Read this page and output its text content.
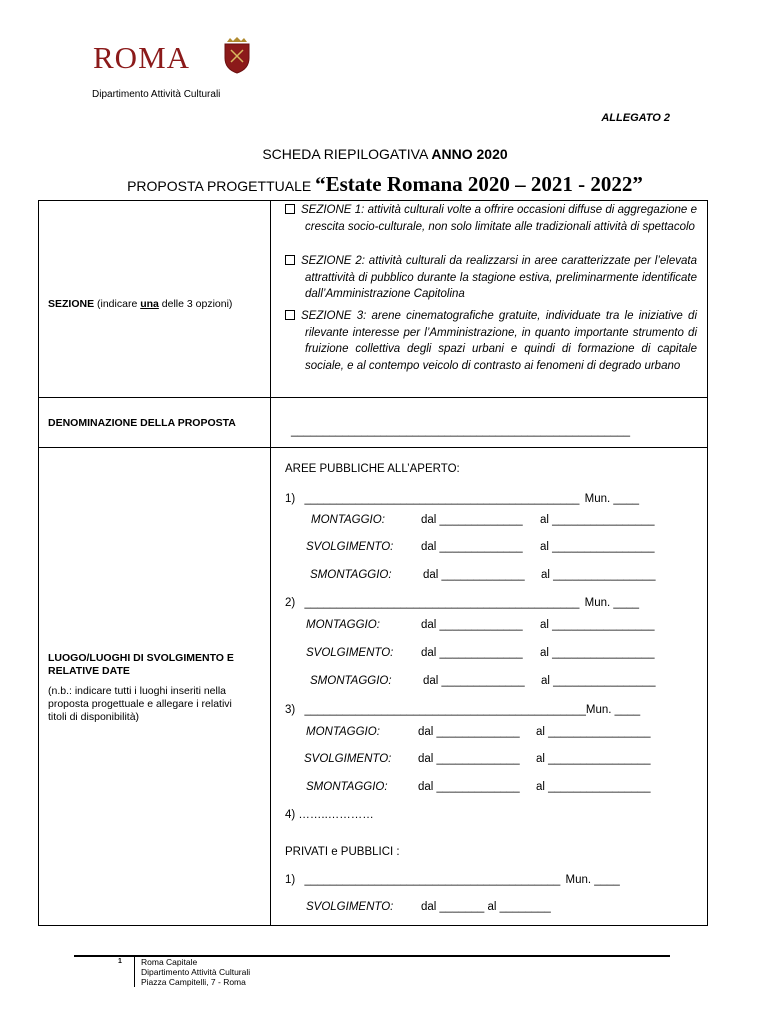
ROMA
Dipartimento Attività Culturali
ALLEGATO 2
SCHEDA RIEPILOGATIVA ANNO 2020
PROPOSTA PROGETTUALE “Estate Romana 2020 – 2021 - 2022”
SEZIONE (indicare una delle 3 opzioni)

SEZIONE 1: attività culturali volte a offrire occasioni diffuse di aggregazione e crescita socio-culturale, non solo limitate alle tradizionali attività di spettacolo

SEZIONE 2: attività culturali da realizzarsi in aree caratterizzate per l’elevata attrattività di pubblico durante la stagione estiva, preliminarmente identificate dall’Amministrazione Capitolina

SEZIONE 3: arene cinematografiche gratuite, individuate tra le iniziative di rilevante interesse per l’Amministrazione, in quanto importante strumento di fruizione collettiva degli spazi urbani e quindi di formazione di capitale sociale, e al contempo veicolo di contrasto ai fenomeni di degrado urbano

DENOMINAZIONE DELLA PROPOSTA
_____________________________________________________
LUOGO/LUOGHI DI SVOLGIMENTO E
RELATIVE DATE
(n.b.: indicare tutti i luoghi inseriti nella
proposta progettuale e allegare i relativi
titoli di disponibilità)
AREE PUBBLICHE ALL’APERTO:
1) ___________________________________________ Mun. ____
MONTAGGIO:	dal _____________ al ________________
SVOLGIMENTO: dal _____________ al ________________
SMONTAGGIO:	dal _____________ al ________________
2) ___________________________________________ Mun. ____
MONTAGGIO:	dal _____________ al ________________
SVOLGIMENTO: dal _____________ al ________________
SMONTAGGIO:	dal _____________ al ________________
3) ____________________________________________Mun. ____
MONTAGGIO:	dal _____________ al ________________
SVOLGIMENTO: dal _____________ al ________________
SMONTAGGIO:	dal _____________ al ________________
4) ……..…………
PRIVATI e PUBBLICI :
1) ________________________________________ Mun. ____
SVOLGIMENTO: dal _______ al ________
1 Roma Capitale
Dipartimento Attività Culturali
Piazza Campitelli, 7 - Roma
